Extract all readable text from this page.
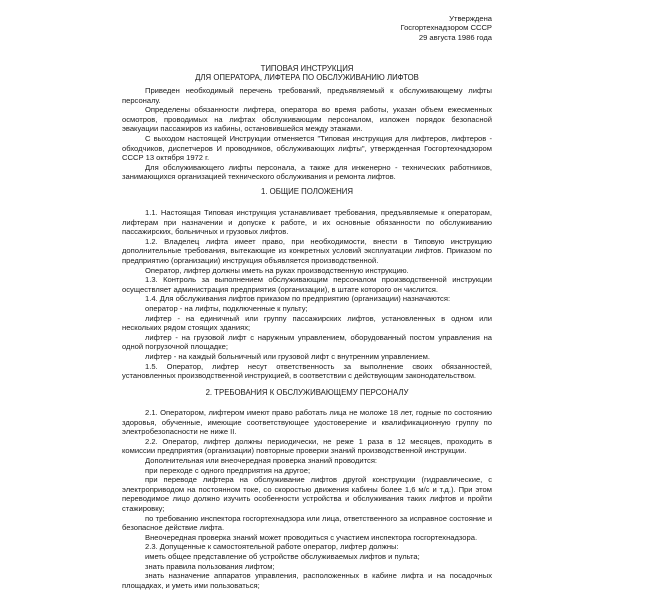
Утверждена
Госгортехнадзором СССР
29 августа 1986 года
ТИПОВАЯ ИНСТРУКЦИЯ
ДЛЯ ОПЕРАТОРА, ЛИФТЕРА ПО ОБСЛУЖИВАНИЮ ЛИФТОВ

Приведен необходимый перечень требований, предъявляемый к обслуживающему лифты персоналу.

Определены обязанности лифтера, оператора во время работы, указан объем ежесменных осмотров, проводимых на лифтах обслуживающим персоналом, изложен порядок безопасной эвакуации пассажиров из кабины, остановившейся между этажами.

С выходом настоящей Инструкции отменяется "Типовая инструкция для лифтеров, лифтеров - обходчиков, диспетчеров И проводников, обслуживающих лифты", утвержденная Госгортехнадзором СССР 13 октября 1972 г.

Для обслуживающего лифты персонала, а также для инженерно - технических работников, занимающихся организацией технического обслуживания и ремонта лифтов.

1. ОБЩИЕ ПОЛОЖЕНИЯ

1.1. Настоящая Типовая инструкция устанавливает требования, предъявляемые к операторам, лифтерам при назначении и допуске к работе, и их основные обязанности по обслуживанию пассажирских, больничных и грузовых лифтов.

1.2. Владелец лифта имеет право, при необходимости, внести в Типовую инструкцию дополнительные требования, вытекающие из конкретных условий эксплуатации лифтов. Приказом по предприятию (организации) инструкция объявляется производственной.

Оператор, лифтер должны иметь на руках производственную инструкцию.

1.3. Контроль за выполнением обслуживающим персоналом производственной инструкции осуществляет администрация предприятия (организации), в штате которого он числится.

1.4. Для обслуживания лифтов приказом по предприятию (организации) назначаются:

оператор - на лифты, подключенные к пульту;

лифтер - на единичный или группу пассажирских лифтов, установленных в одном или нескольких рядом стоящих зданиях;

лифтер - на грузовой лифт с наружным управлением, оборудованный постом управления на одной погрузочной площадке;

лифтер - на каждый больничный или грузовой лифт с внутренним управлением.

1.5. Оператор, лифтер несут ответственность за выполнение своих обязанностей, установленных производственной инструкцией, в соответствии с действующим законодательством.

2. ТРЕБОВАНИЯ К ОБСЛУЖИВАЮЩЕМУ ПЕРСОНАЛУ

2.1. Оператором, лифтером имеют право работать лица не моложе 18 лет, годные по состоянию здоровья, обученные, имеющие соответствующее удостоверение и квалификационную группу по электробезопасности не ниже II.

2.2. Оператор, лифтер должны периодически, не реже 1 раза в 12 месяцев, проходить в комиссии предприятия (организации) повторные проверки знаний производственной инструкции.

Дополнительная или внеочередная проверка знаний проводится:

при переходе с одного предприятия на другое;

при переводе лифтера на обслуживание лифтов другой конструкции (гидравлические, с электроприводом на постоянном токе, со скоростью движения кабины более 1,6 м/с и т.д.). При этом переводимое лицо должно изучить особенности устройства и обслуживания таких лифтов и пройти стажировку;

по требованию инспектора госгортехнадзора или лица, ответственного за исправное состояние и безопасное действие лифта.

Внеочередная проверка знаний может проводиться с участием инспектора госгортехнадзора.

2.3. Допущенные к самостоятельной работе оператор, лифтер должны:

иметь общее представление об устройстве обслуживаемых лифтов и пульта;

знать правила пользования лифтом;

знать назначение аппаратов управления, расположенных в кабине лифта и на посадочных площадках, и уметь ими пользоваться;
